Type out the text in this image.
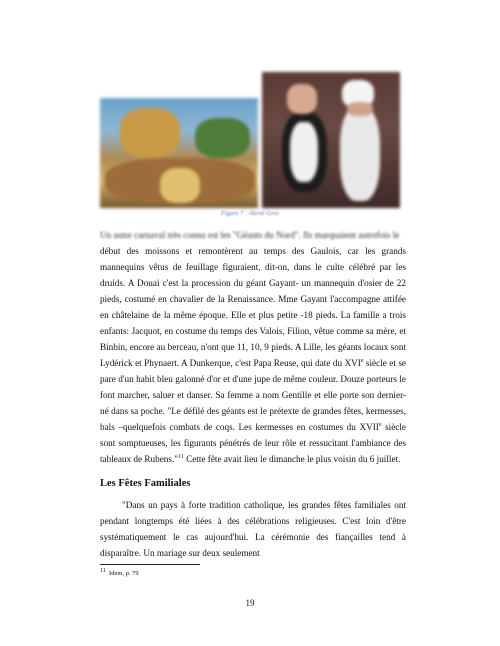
Figure 7 : Alerté Gros
Un autre carnaval très connu est les "Géants du Nord". Ils marquaient autrefois le
début des moissons et remontèrent au temps des Gaulois, car les grands mannequins vêtus de feuillage figuraient, dit-on, dans le culte célébré par les druids. A Douai c'est la procession du géant Gayant- un mannequin d'osier de 22 pieds, costumé en chavalier de la Renaissance. Mme Gayant l'accompagne attifée en châtelaine de la même époque. Elle et plus petite -18 pieds. La famille a trois enfants: Jacquot, en costume du temps des Valois, Filion, vêtue comme sa mère, et Binbin, encore au berceau, n'ont que 11, 10, 9 pieds. A Lille, les géants locaux sont Lydérick et Phynaert. A Dunkerque, c'est Papa Reuse, qui date du XVIe siècle et se pare d'un habit bleu galonné d'or et d'une jupe de même couleur. Douze porteurs le font marcher, saluer et danser. Sa femme a nom Gentille et elle porte son dernier-né dans sa poche. "Le défilé des géants est le prétexte de grandes fêtes, kermesses, bals –quelquefois combats de coqs. Les kermesses en costumes du XVIIe siècle sont somptueuses, les figurants pénétrés de leur rôle et ressucitant l'ambiance des tableaux de Rubens."$^{11}$ Cette fête avait lieu le dimanche le plus voisin du 6 juillet.
Les Fêtes Familiales
"Dans un pays à forte tradition catholique, les grandes fêtes familiales ont pendant longtemps été liées à des célébrations religieuses. C'est loin d'être systématiquement le cas aujourd'hui. La cérémonie des fiançailles tend à disparaître. Un mariage sur deux seulement
$^{11}$ Idem, p. 79
19
